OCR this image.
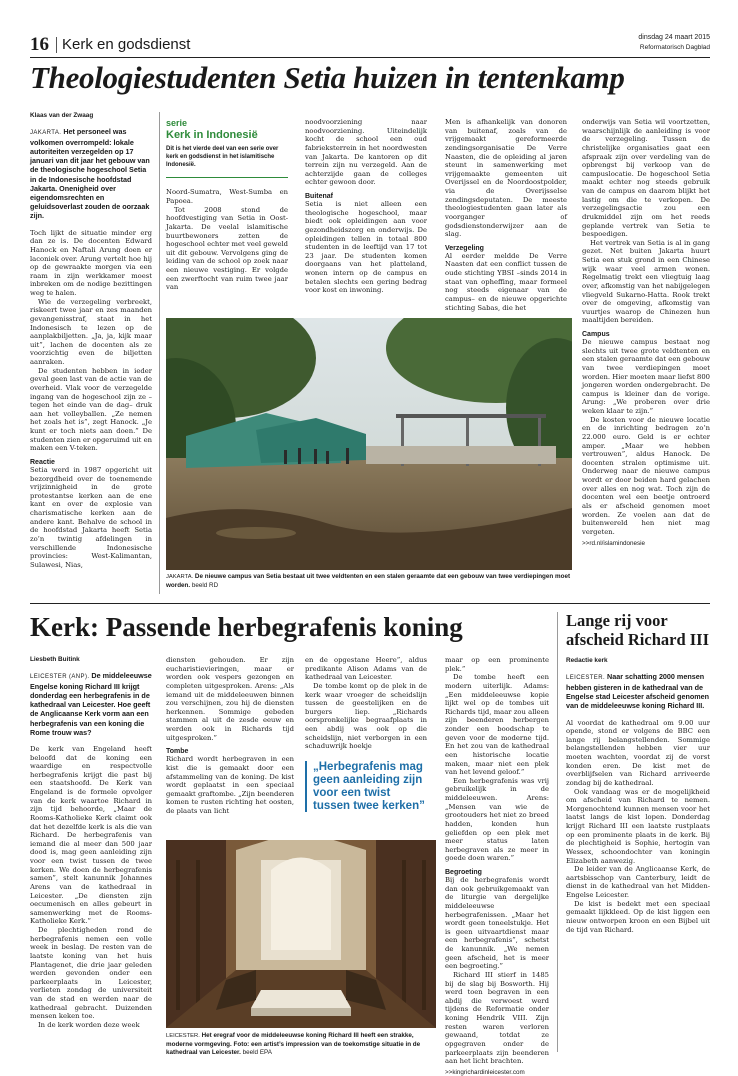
16 Kerk en godsdienst	dinsdag 24 maart 2015
Reformatorisch Dagblad
Theologiestudenten Setia huizen in tentenkamp
Klaas van der Zwaag
JAKARTA. Het personeel was volkomen overrompeld: lokale autoriteiten verzegelden op 17 januari van dit jaar het gebouw van de theologische hogeschool Setia in de Indonesische hoofdstad Jakarta. Onenigheid over eigendomsrechten en geluidsoverlast zouden de oorzaak zijn.
Toch lijkt de situatie minder erg dan ze is. De docenten Edward Hanock en Naftali Arung doen er laconiek over. Arung vertelt hoe hij op de gewraakte morgen via een raam in zijn werkkamer moest inbreken om de nodige bezittingen weg te halen.
Wie de verzegeling verbreekt, riskeert twee jaar en zes maanden gevangenisstraf, staat in het Indonesisch te lezen op de aanplakbiljetten. „Ja, ja, kijk maar uit”, lachen de docenten als ze voorzichtig even de biljetten aanraken.
De studenten hebben in ieder geval geen last van de actie van de overheid. Vlak voor de verzegelde ingang van de hogeschool zijn ze –tegen het einde van de dag– druk aan het volleyballen. „Ze nemen het zoals het is”, zegt Hanock. „Je kunt er toch niets aan doen.” De studenten zien er opgeruimd uit en maken een V-teken.
Reactie
Setia werd in 1987 opgericht uit bezorgdheid over de toenemende vrijzinnigheid in de grote protestantse kerken aan de ene kant en over de explosie van charismatische kerken aan de andere kant. Behalve de school in de hoofdstad Jakarta heeft Setia zo’n twintig afdelingen in verschillende Indonesische provincies: West-Kalimantan, Sulawesi, Nias,
serie
Kerk in Indonesië
Dit is het vierde deel van een serie over kerk en godsdienst in het islamitische Indonesië.
Noord-Sumatra, West-Sumba en Papoea.
Tot 2008 stond de hoofdvestiging van Setia in Oost-Jakarta. De veelal islamitische buurtbewoners zetten de hogeschool echter met veel geweld uit dit gebouw. Vervolgens ging de leiding van de school op zoek naar een nieuwe vestiging. Er volgde een zwerftocht van ruim twee jaar van
noodvoorziening naar noodvoorziening. Uiteindelijk kocht de school een oud fabrieksterrein in het noordwesten van Jakarta. De kantoren op dit terrein zijn nu verzegeld. Aan de achterzijde gaan de colleges echter gewoon door.
Buitenaf
Setia is niet alleen een theologische hogeschool, maar biedt ook opleidingen aan voor gezondheidszorg en onderwijs. De opleidingen tellen in totaal 800 studenten in de leeftijd van 17 tot 23 jaar. De studenten komen doorgaans van het platteland, wonen intern op de campus en betalen slechts een gering bedrag voor kost en inwoning.
Men is afhankelijk van donoren van buitenaf, zoals van de vrijgemaakt gereformeerde zendingsorganisatie De Verre Naasten, die de opleiding al jaren steunt in samenwerking met vrijgemaakte gemeenten uit Overijssel en de Noordoostpolder, via de Overijsselse zendingsdeputaten. De meeste theologiestudenten gaan later als voorganger of godsdienstonderwijzer aan de slag.
Verzegeling
Al eerder meldde De Verre Naasten dat een conflict tussen de oude stichting YBSI –sinds 2014 in staat van opheffing, maar formeel nog steeds eigenaar van de campus– en de nieuwe opgerichte stichting Sabas, die het
onderwijs van Setia wil voortzetten, waarschijnlijk de aanleiding is voor de verzegeling. Tussen de christelijke organisaties gaat een afspraak zijn over verdeling van de opbrengst bij verkoop van de campuslocatie. De hogeschool Setia maakt echter nog steeds gebruik van de campus en daarom blijkt het lastig om die te verkopen. De verzegelingsactie zou een drukmiddel zijn om het reeds geplande vertrek van Setia te bespoedigen.
Het vertrek van Setia is al in gang gezet. Net buiten Jakarta huurt Setia een stuk grond in een Chinese wijk waar veel armen wonen. Regelmatig trekt een vliegtuig laag over, afkomstig van het nabijgelegen vliegveld Sukarno-Hatta. Rook trekt over de omgeving, afkomstig van vuurtjes waarop de Chinezen hun maaltijden bereiden.
Campus
De nieuwe campus bestaat nog slechts uit twee grote veldtenten en een stalen geraamte dat een gebouw van twee verdiepingen moet worden. Hier moeten maar liefst 800 jongeren worden ondergebracht. De campus is kleiner dan de vorige. Arung: „We proberen over drie weken klaar te zijn.”
De kosten voor de nieuwe locatie en de inrichting bedragen zo’n 22.000 euro. Geld is er echter amper. „Maar we hebben vertrouwen”, aldus Hanock. De docenten stralen optimisme uit. Onderweg naar de nieuwe campus wordt er door beiden hard gelachen over alles en nog wat. Toch zijn de docenten wel een beetje ontroerd als er afscheid genomen moet worden. Ze voelen aan dat de buitenwereld hen niet mag vergeten.
>>rd.nl/islamindonesie
JAKARTA. De nieuwe campus van Setia bestaat uit twee veldtenten en een stalen geraamte dat een gebouw van twee verdiepingen moet worden. beeld RD
Kerk: Passende herbegrafenis koning
Liesbeth Buitink
LEICESTER (ANP). De middeleeuwse Engelse koning Richard III krijgt donderdag een herbegrafenis in de kathedraal van Leicester. Hoe geeft de Anglicaanse Kerk vorm aan een herbegrafenis van een koning die Rome trouw was?
De kerk van Engeland heeft beloofd dat de koning een waardige en respectvolle herbegrafenis krijgt die past bij een staatshoofd. De Kerk van Engeland is de formele opvolger van de kerk waartoe Richard in zijn tijd behoorde, „Maar de Rooms-Katholieke Kerk claimt ook dat het dezelfde kerk is als die van Richard. De herbegrafenis van iemand die al meer dan 500 jaar dood is, mag geen aanleiding zijn voor een twist tussen de twee kerken. We doen de herbegrafenis samen”, stelt kanunnik Johannes Arens van de kathedraal in Leicester. „De diensten zijn oecumenisch en alles gebeurt in samenwerking met de Rooms-Katholieke Kerk.”
De plechtigheden rond de herbegrafenis nemen een volle week in beslag. De resten van de laatste koning van het huis Plantagenet, die drie jaar geleden werden gevonden onder een parkeerplaats in Leicester, verlieten zondag de universiteit van de stad en werden naar de kathedraal gebracht. Duizenden mensen keken toe.
In de kerk worden deze week
diensten gehouden. Er zijn eucharistievieringen, maar er worden ook vespers gezongen en completen uitgesproken. Arens: „Als iemand uit de middeleeuwen binnen zou verschijnen, zou hij de diensten herkennen. Sommige gebeden stammen al uit de zesde eeuw en werden ook in Richards tijd uitgesproken.”
Tombe
Richard wordt herbegraven in een kist die is gemaakt door een afstammeling van de koning. De kist wordt geplaatst in een speciaal gemaakt graftombe. „Zijn beenderen komen te rusten richting het oosten, de plaats van licht
en de opgestane Heere”, aldus predikante Alison Adams van de kathedraal van Leicester.
De tombe komt op de plek in de kerk waar vroeger de scheidslijn tussen de geestelijken en de burgers liep. „Richards oorspronkelijke begraafplaats in een abdij was ook op die scheidslijn, niet verborgen in een schaduwrijk hoekje
„Herbegrafenis mag geen aanleiding zijn voor een twist tussen twee kerken”
maar op een prominente plek.”
De tombe heeft een modern uiterlijk. Adams: „Een middeleeuwse kopie lijkt wel op de tombes uit Richards tijd, maar zou alleen zijn beenderen herbergen zonder een boodschap te geven voor de moderne tijd. En het zou van de kathedraal een historische locatie maken, maar niet een plek van het levend geloof.”
Een herbegrafenis was vrij gebruikelijk in de middeleeuwen. Arens: „Mensen van wie de grootouders het niet zo breed hadden, konden hun geliefden op een plek met meer status laten herbegraven als ze meer in goede doen waren.”
Begroeting
Bij de herbegrafenis wordt dan ook gebruikgemaakt van de liturgie van dergelijke middeleeuwse herbegrafenissen. „Maar het wordt geen toneelstukje. Het is geen uitvaartdienst maar een herbegrafenis”, schetst de kanunnik. „We nemen geen afscheid, het is meer een begroeting.”
Richard III stierf in 1485 bij de slag bij Bosworth. Hij werd toen begraven in een abdij die verwoest werd tijdens de Reformatie onder koning Hendrik VIII. Zijn resten waren verloren gewaand, totdat ze opgegraven onder de parkeerplaats zijn beenderen aan het licht brachten.
>>kingrichardinleicester.com
LEICESTER. Het eregraf voor de middeleeuwse koning Richard III heeft een strakke, moderne vormgeving. Foto: een artist’s impression van de toekomstige situatie in de kathedraal van Leicester. beeld EPA
Lange rij voor afscheid Richard III
Redactie kerk
LEICESTER. Naar schatting 2000 mensen hebben gisteren in de kathedraal van de Engelse stad Leicester afscheid genomen van de middeleeuwse koning Richard III.
Al voordat de kathedraal om 9.00 uur opende, stond er volgens de BBC een lange rij belangstellenden. Sommige belangstellenden hebben vier uur moeten wachten, voordat zij de vorst konden eren. De kist met de overblijfselen van Richard arriveerde zondag bij de kathedraal.
Ook vandaag was er de mogelijkheid om afscheid van Richard te nemen. Morgenochtend kunnen mensen voor het laatst langs de kist lopen. Donderdag krijgt Richard III een laatste rustplaats op een prominente plaats in de kerk. Bij de plechtigheid is Sophie, hertogin van Wessex, schoondochter van koningin Elizabeth aanwezig.
De leider van de Anglicaanse Kerk, de aartsbisschop van Canterbury, leidt de dienst in de kathedraal van het Midden-Engelse Leicester.
De kist is bedekt met een speciaal gemaakt lijkkleed. Op de kist liggen een nieuw ontworpen kroon en een Bijbel uit de tijd van Richard.
